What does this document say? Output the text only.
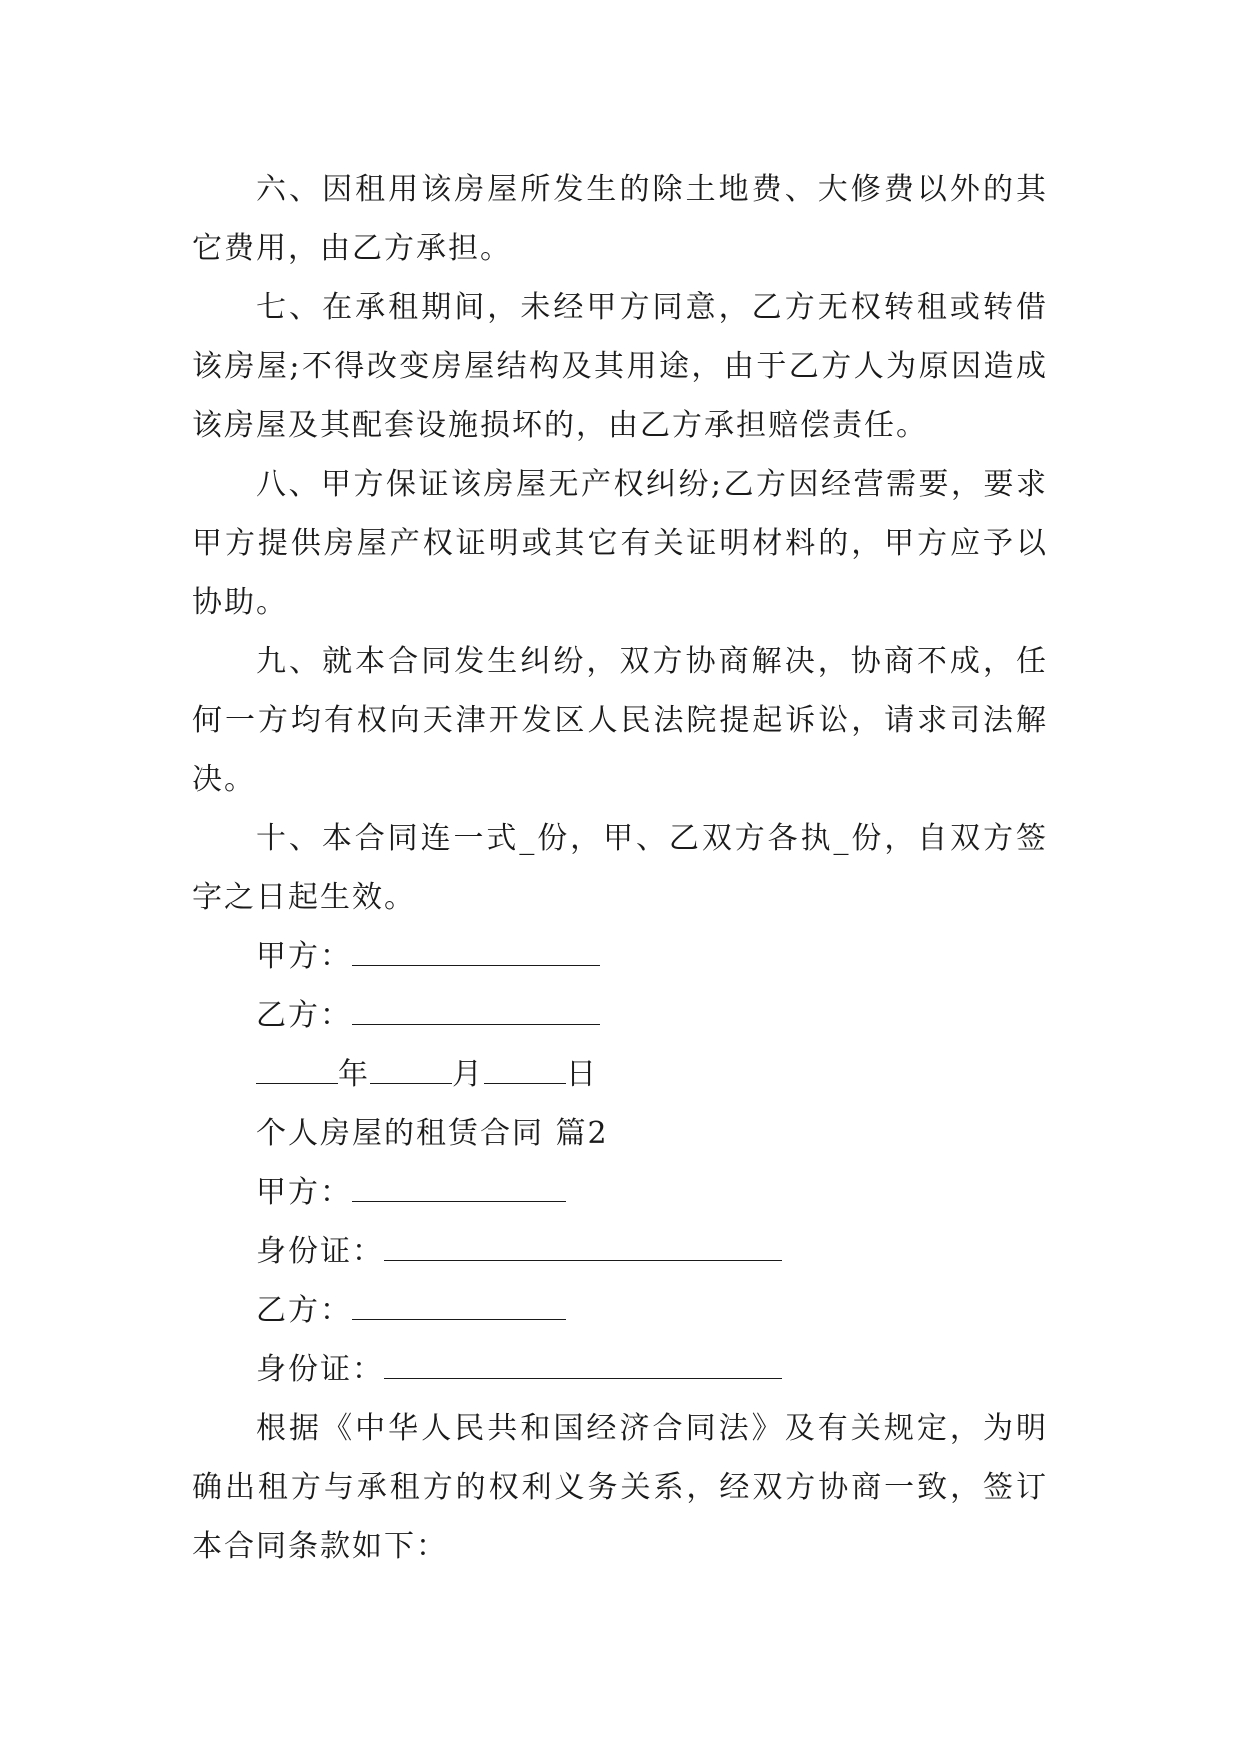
六、因租用该房屋所发生的除土地费、大修费以外的其它费用，由乙方承担。

七、在承租期间，未经甲方同意，乙方无权转租或转借该房屋;不得改变房屋结构及其用途，由于乙方人为原因造成该房屋及其配套设施损坏的，由乙方承担赔偿责任。

八、甲方保证该房屋无产权纠纷;乙方因经营需要，要求甲方提供房屋产权证明或其它有关证明材料的，甲方应予以协助。

九、就本合同发生纠纷，双方协商解决，协商不成，任何一方均有权向天津开发区人民法院提起诉讼，请求司法解决。

十、本合同连一式_份，甲、乙双方各执_份，自双方签字之日起生效。

甲方：
乙方：
年	月	日
个人房屋的租赁合同 篇2
甲方：
身份证：
乙方：
身份证：

根据《中华人民共和国经济合同法》及有关规定，为明确出租方与承租方的权利义务关系，经双方协商一致，签订本合同条款如下：
